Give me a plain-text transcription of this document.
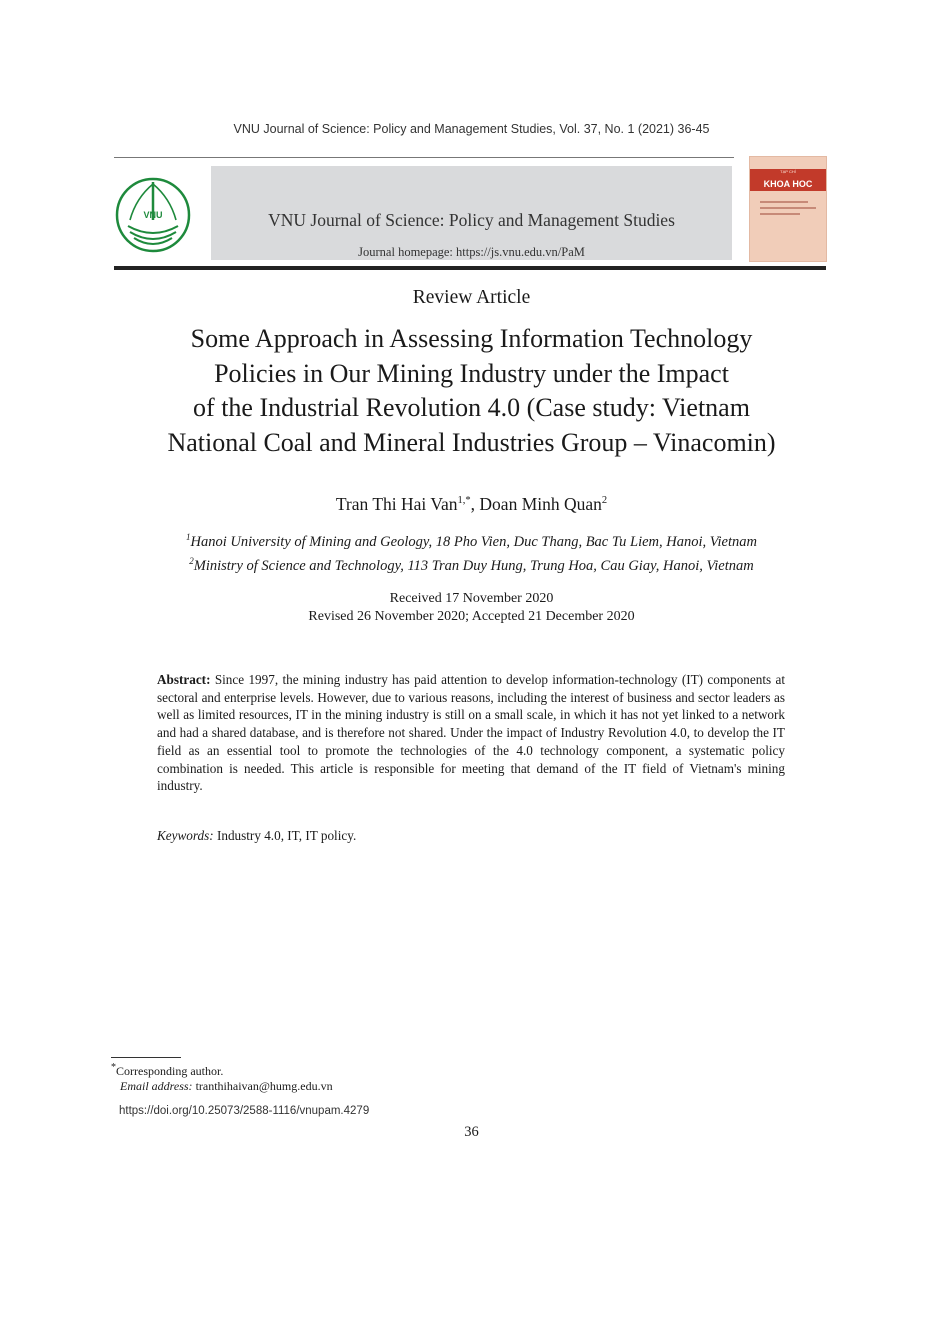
VNU Journal of Science: Policy and Management Studies, Vol. 37, No. 1 (2021) 36-45
VNU	VNU Journal of Science: Policy and Management Studies
Journal homepage: https://js.vnu.edu.vn/PaM
TẠP CHÍ
KHOA HOC
Review Article
Some Approach in Assessing Information Technology
Policies in Our Mining Industry under the Impact
of the Industrial Revolution 4.0 (Case study: Vietnam
National Coal and Mineral Industries Group – Vinacomin)
Tran Thi Hai Van$^{1,*}$, Doan Minh Quan$^2$
$^1$Hanoi University of Mining and Geology, 18 Pho Vien, Duc Thang, Bac Tu Liem, Hanoi, Vietnam
$^2$Ministry of Science and Technology, 113 Tran Duy Hung, Trung Hoa, Cau Giay, Hanoi, Vietnam
Received 17 November 2020
Revised 26 November 2020; Accepted 21 December 2020
Abstract: Since 1997, the mining industry has paid attention to develop information-technology (IT) components at sectoral and enterprise levels. However, due to various reasons, including the interest of business and sector leaders as well as limited resources, IT in the mining industry is still on a small scale, in which it has not yet linked to a network and had a shared database, and is therefore not shared. Under the impact of Industry Revolution 4.0, to develop the IT field as an essential tool to promote the technologies of the 4.0 technology component, a systematic policy combination is needed. This article is responsible for meeting that demand of the IT field of Vietnam's mining industry.
Keywords: Industry 4.0, IT, IT policy.
*Corresponding author.
Email address: tranthihaivan@humg.edu.vn
https://doi.org/10.25073/2588-1116/vnupam.4279
36
